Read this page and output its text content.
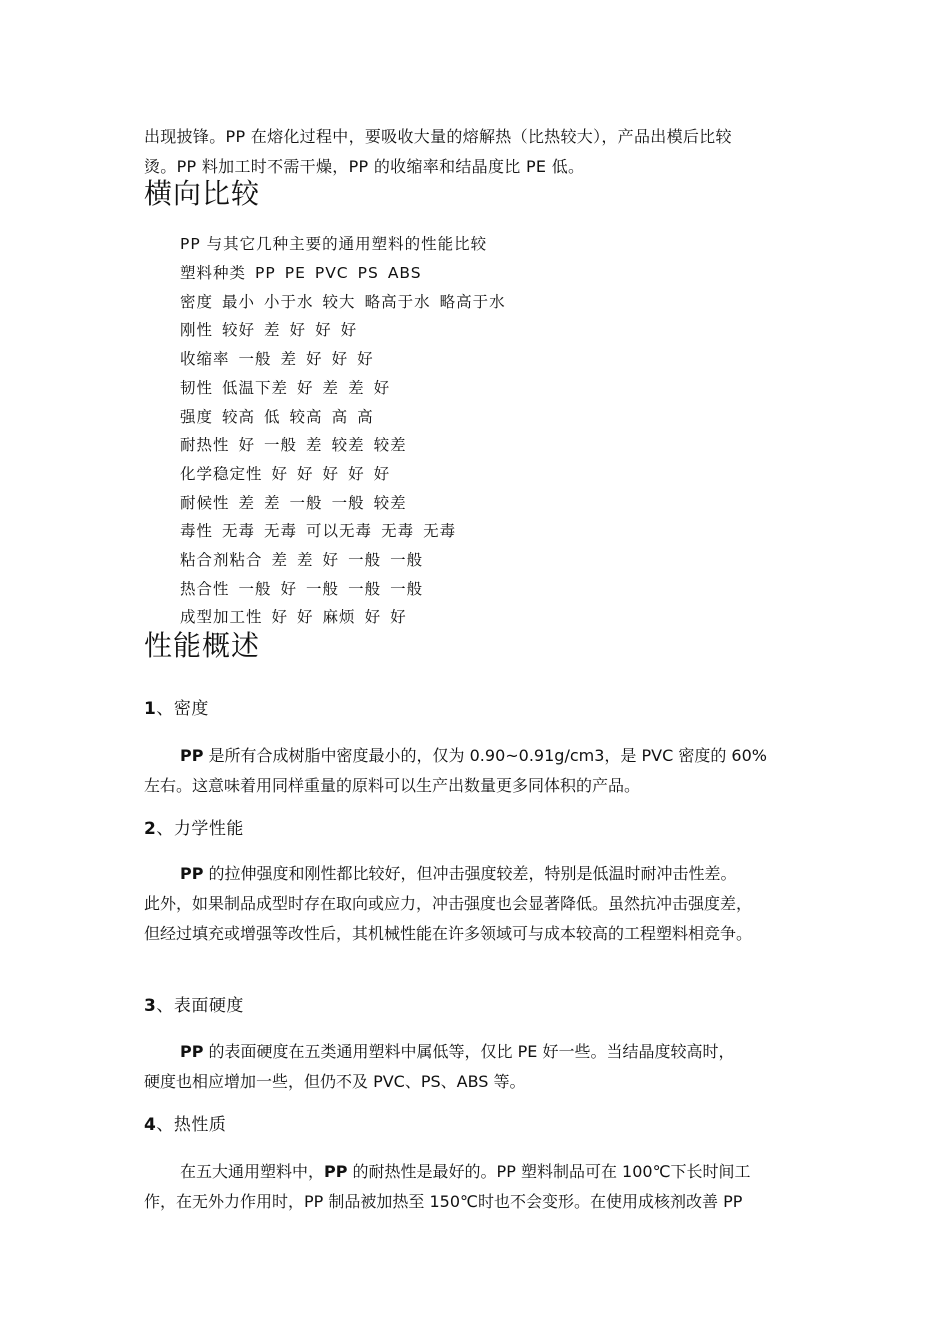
出现披锋。PP 在熔化过程中，要吸收大量的熔解热（比热较大），产品出模后比较
烫。PP 料加工时不需干燥，PP 的收缩率和结晶度比 PE 低。
横向比较
PP 与其它几种主要的通用塑料的性能比较
塑料种类 PP PE PVC PS ABS
密度 最小 小于水 较大 略高于水 略高于水
刚性 较好 差 好 好 好
收缩率 一般 差 好 好 好
韧性 低温下差 好 差 差 好
强度 较高 低 较高 高 高
耐热性 好 一般 差 较差 较差
化学稳定性 好 好 好 好 好
耐候性 差 差 一般 一般 较差
毒性 无毒 无毒 可以无毒 无毒 无毒
粘合剂粘合 差 差 好 一般 一般
热合性 一般 好 一般 一般 一般
成型加工性 好 好 麻烦 好 好
性能概述
1、密度

PP 是所有合成树脂中密度最小的，仅为 0.90~0.91g/cm3，是 PVC 密度的 60%

左右。这意味着用同样重量的原料可以生产出数量更多同体积的产品。

2、力学性能

PP 的拉伸强度和刚性都比较好，但冲击强度较差，特别是低温时耐冲击性差。

此外，如果制品成型时存在取向或应力，冲击强度也会显著降低。虽然抗冲击强度差，

但经过填充或增强等改性后，其机械性能在许多领域可与成本较高的工程塑料相竞争。

3、表面硬度

PP 的表面硬度在五类通用塑料中属低等，仅比 PE 好一些。当结晶度较高时，

硬度也相应增加一些，但仍不及 PVC、PS、ABS 等。

4、热性质

在五大通用塑料中，PP 的耐热性是最好的。PP 塑料制品可在 100℃下长时间工

作，在无外力作用时，PP 制品被加热至 150℃时也不会变形。在使用成核剂改善 PP
